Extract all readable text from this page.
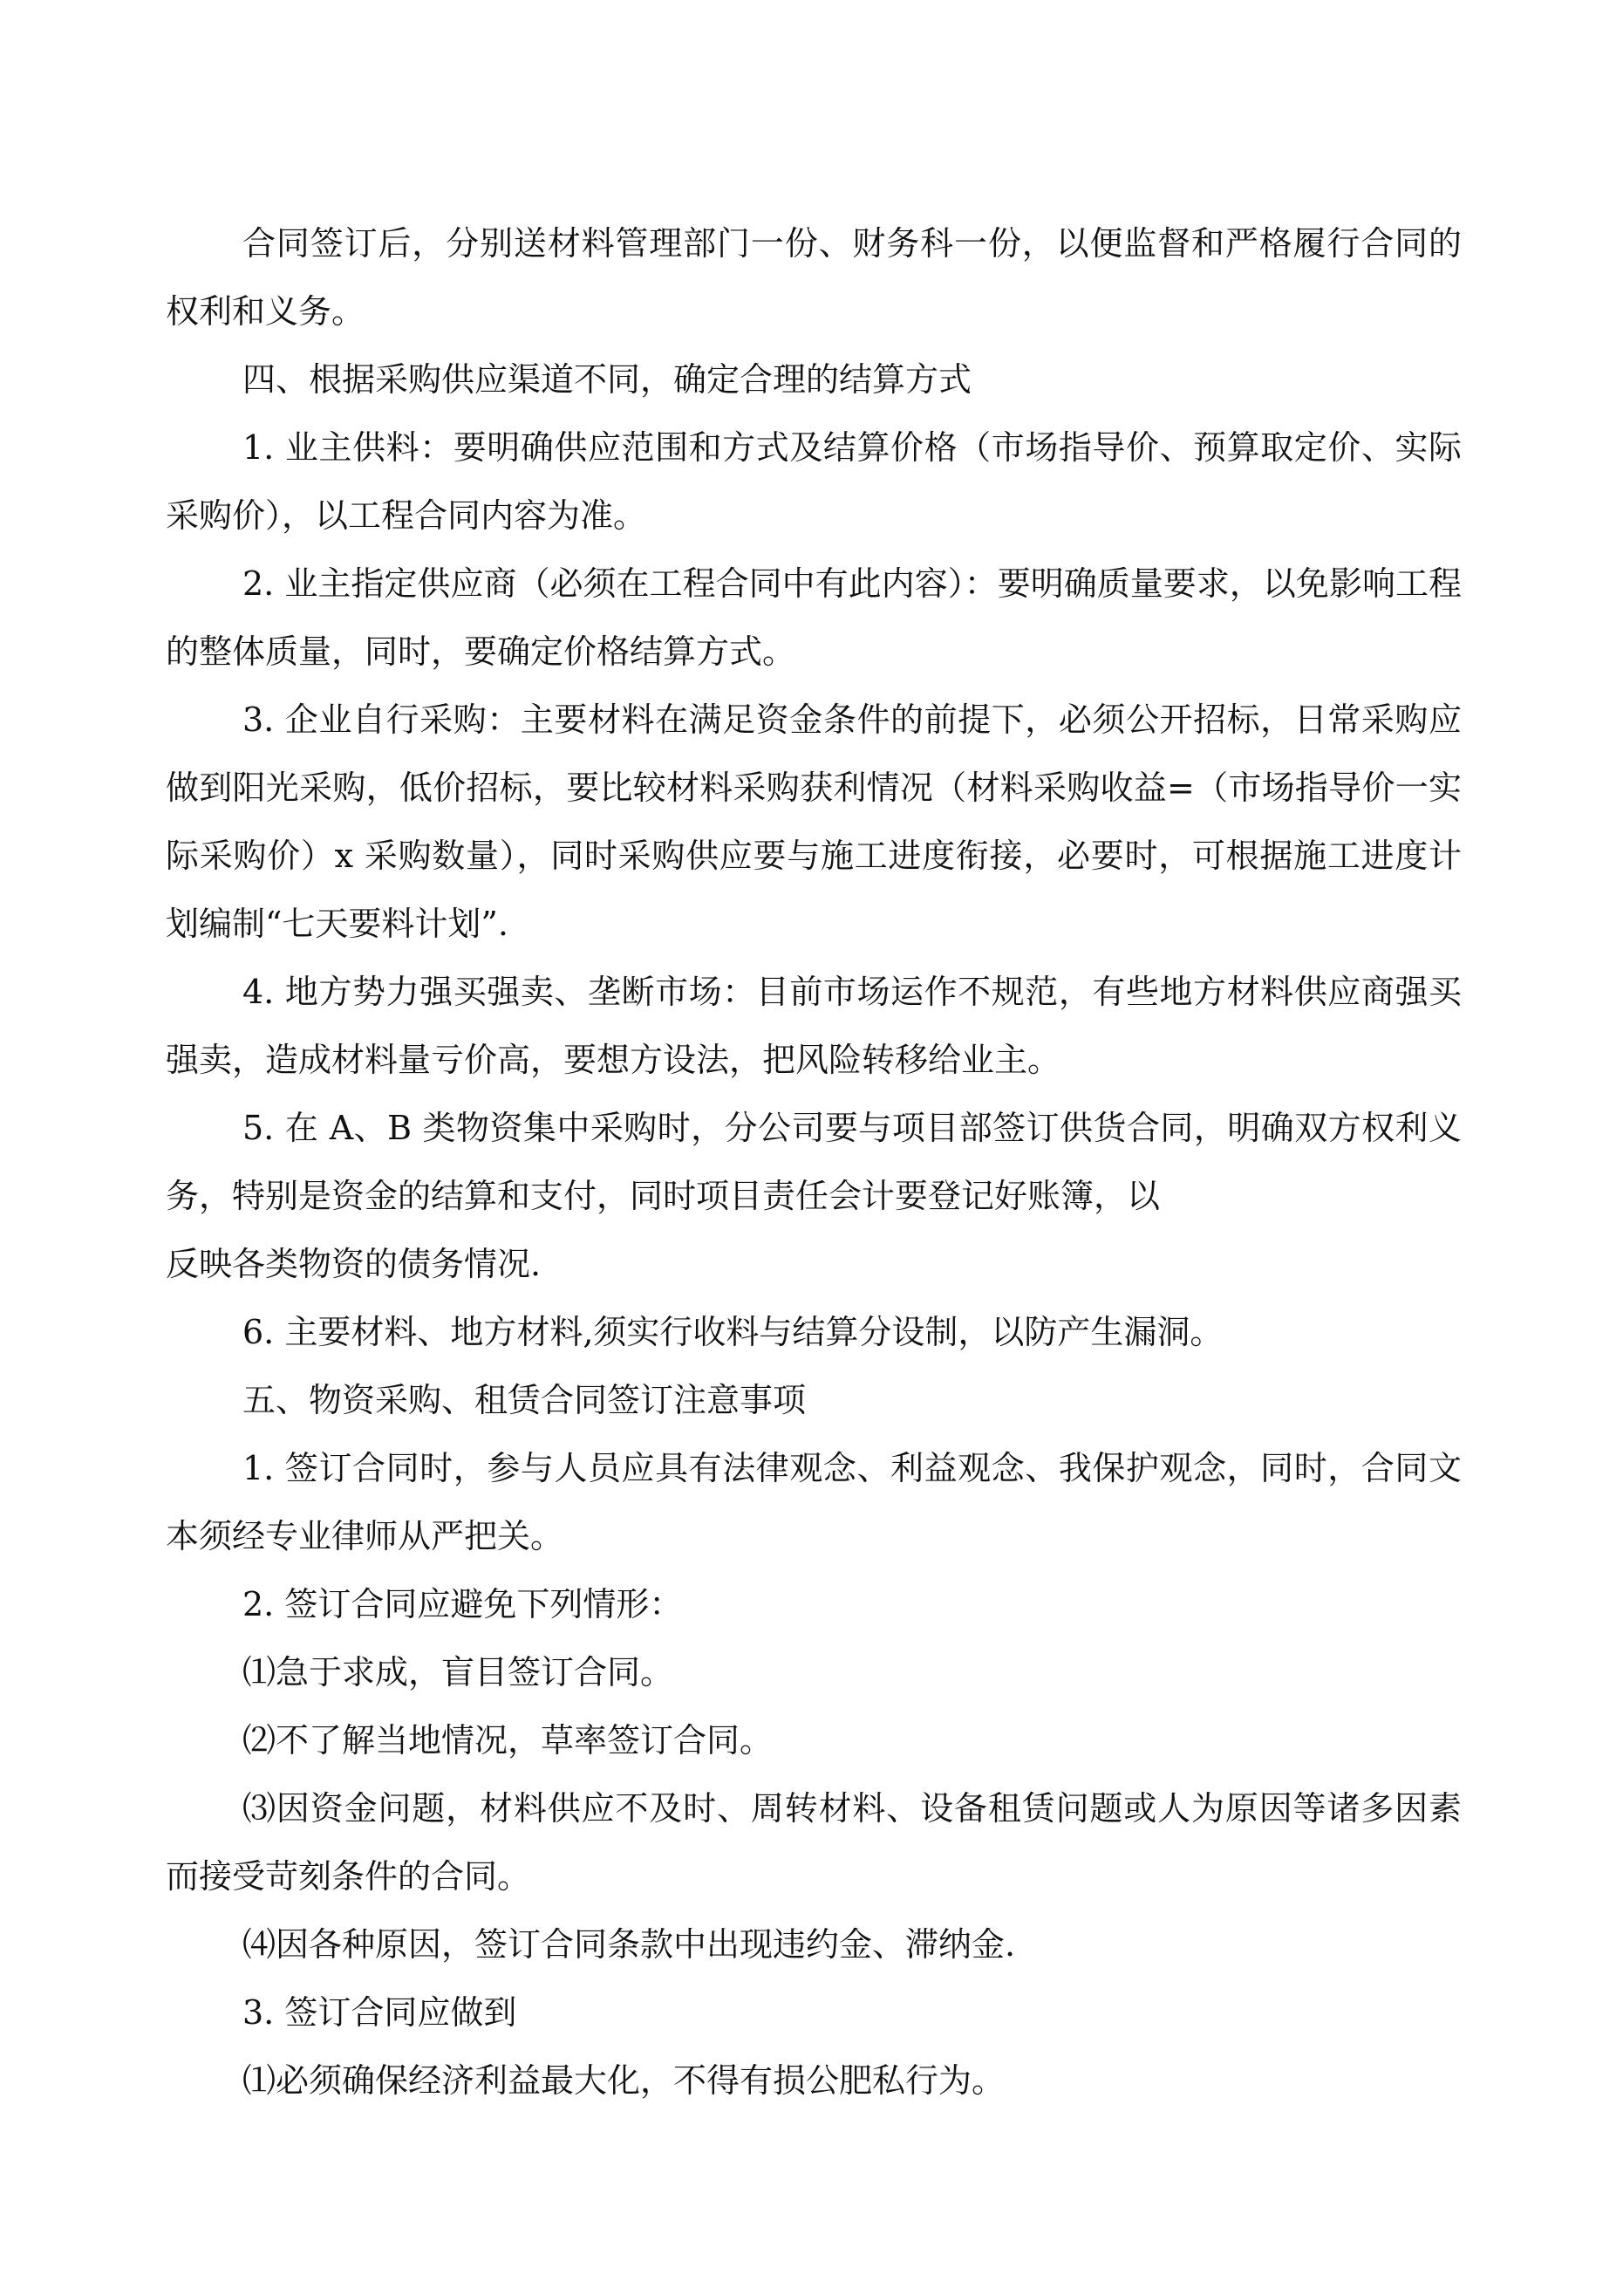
合同签订后，分别送材料管理部门一份、财务科一份，以便监督和严格履行合同的权利和义务。

四、根据采购供应渠道不同，确定合理的结算方式

1. 业主供料：要明确供应范围和方式及结算价格（市场指导价、预算取定价、实际采购价），以工程合同内容为准。

2. 业主指定供应商（必须在工程合同中有此内容）：要明确质量要求，以免影响工程的整体质量，同时，要确定价格结算方式。

3. 企业自行采购：主要材料在满足资金条件的前提下，必须公开招标，日常采购应做到阳光采购，低价招标，要比较材料采购获利情况（材料采购收益=（市场指导价一实际采购价）x 采购数量），同时采购供应要与施工进度衔接，必要时，可根据施工进度计划编制“七天要料计划”.

4. 地方势力强买强卖、垄断市场：目前市场运作不规范，有些地方材料供应商强买强卖，造成材料量亏价高，要想方设法，把风险转移给业主。

5. 在 A、B 类物资集中采购时，分公司要与项目部签订供货合同，明确双方权利义务，特别是资金的结算和支付，同时项目责任会计要登记好账簿，以

反映各类物资的债务情况.

6. 主要材料、地方材料,须实行收料与结算分设制，以防产生漏洞。

五、物资采购、租赁合同签订注意事项

1. 签订合同时，参与人员应具有法律观念、利益观念、我保护观念，同时，合同文本须经专业律师从严把关。

2. 签订合同应避免下列情形：

⑴急于求成，盲目签订合同。

⑵不了解当地情况，草率签订合同。

⑶因资金问题，材料供应不及时、周转材料、设备租赁问题或人为原因等诸多因素而接受苛刻条件的合同。

⑷因各种原因，签订合同条款中出现违约金、滞纳金.

3. 签订合同应做到

⑴必须确保经济利益最大化，不得有损公肥私行为。
